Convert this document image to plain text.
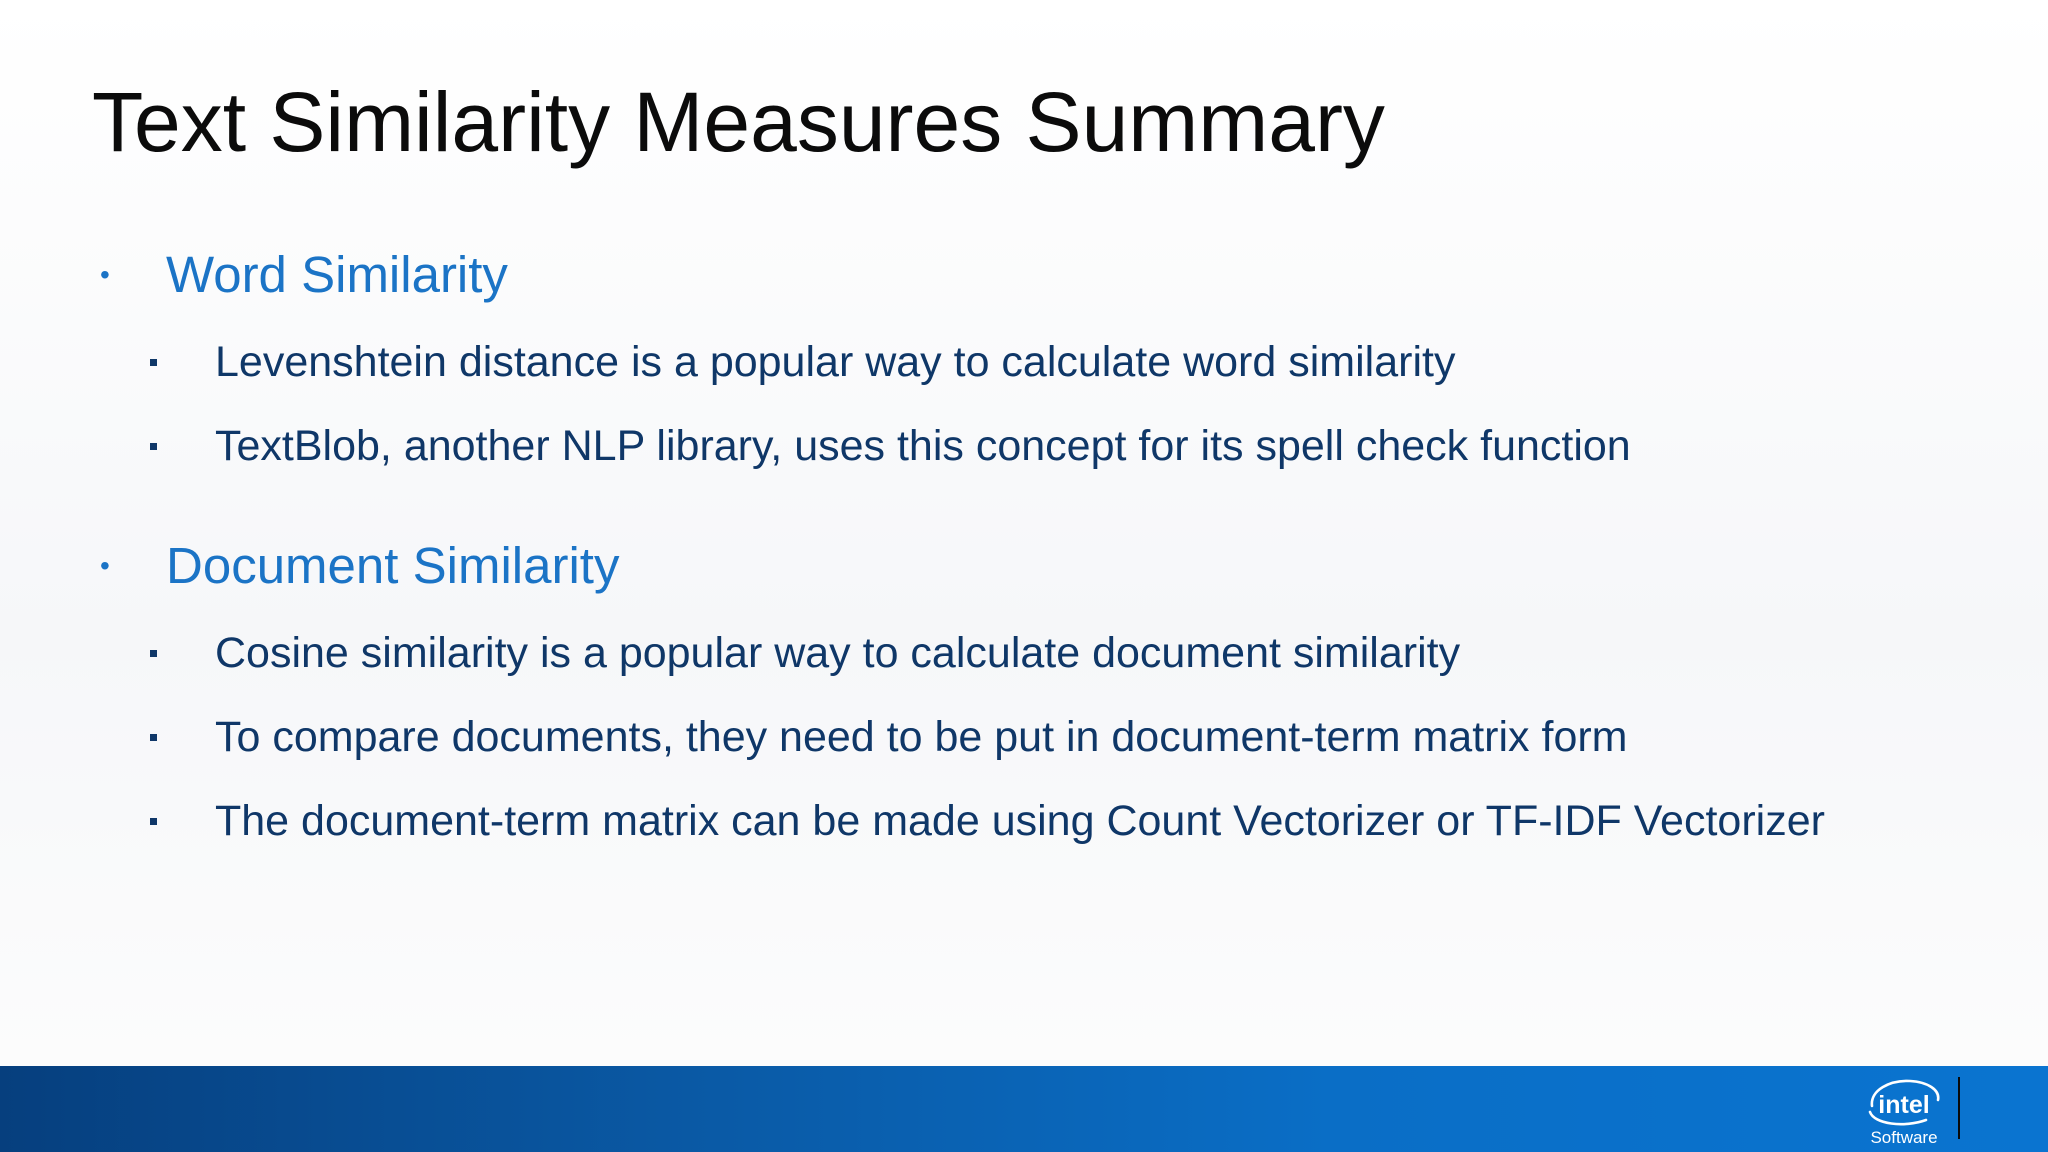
Text Similarity Measures Summary
• Word Similarity
Levenshtein distance is a popular way to calculate word similarity
TextBlob, another NLP library, uses this concept for its spell check function
• Document Similarity
Cosine similarity is a popular way to calculate document similarity
To compare documents, they need to be put in document-term matrix form
The document-term matrix can be made using Count Vectorizer or TF-IDF Vectorizer
intel
Software
